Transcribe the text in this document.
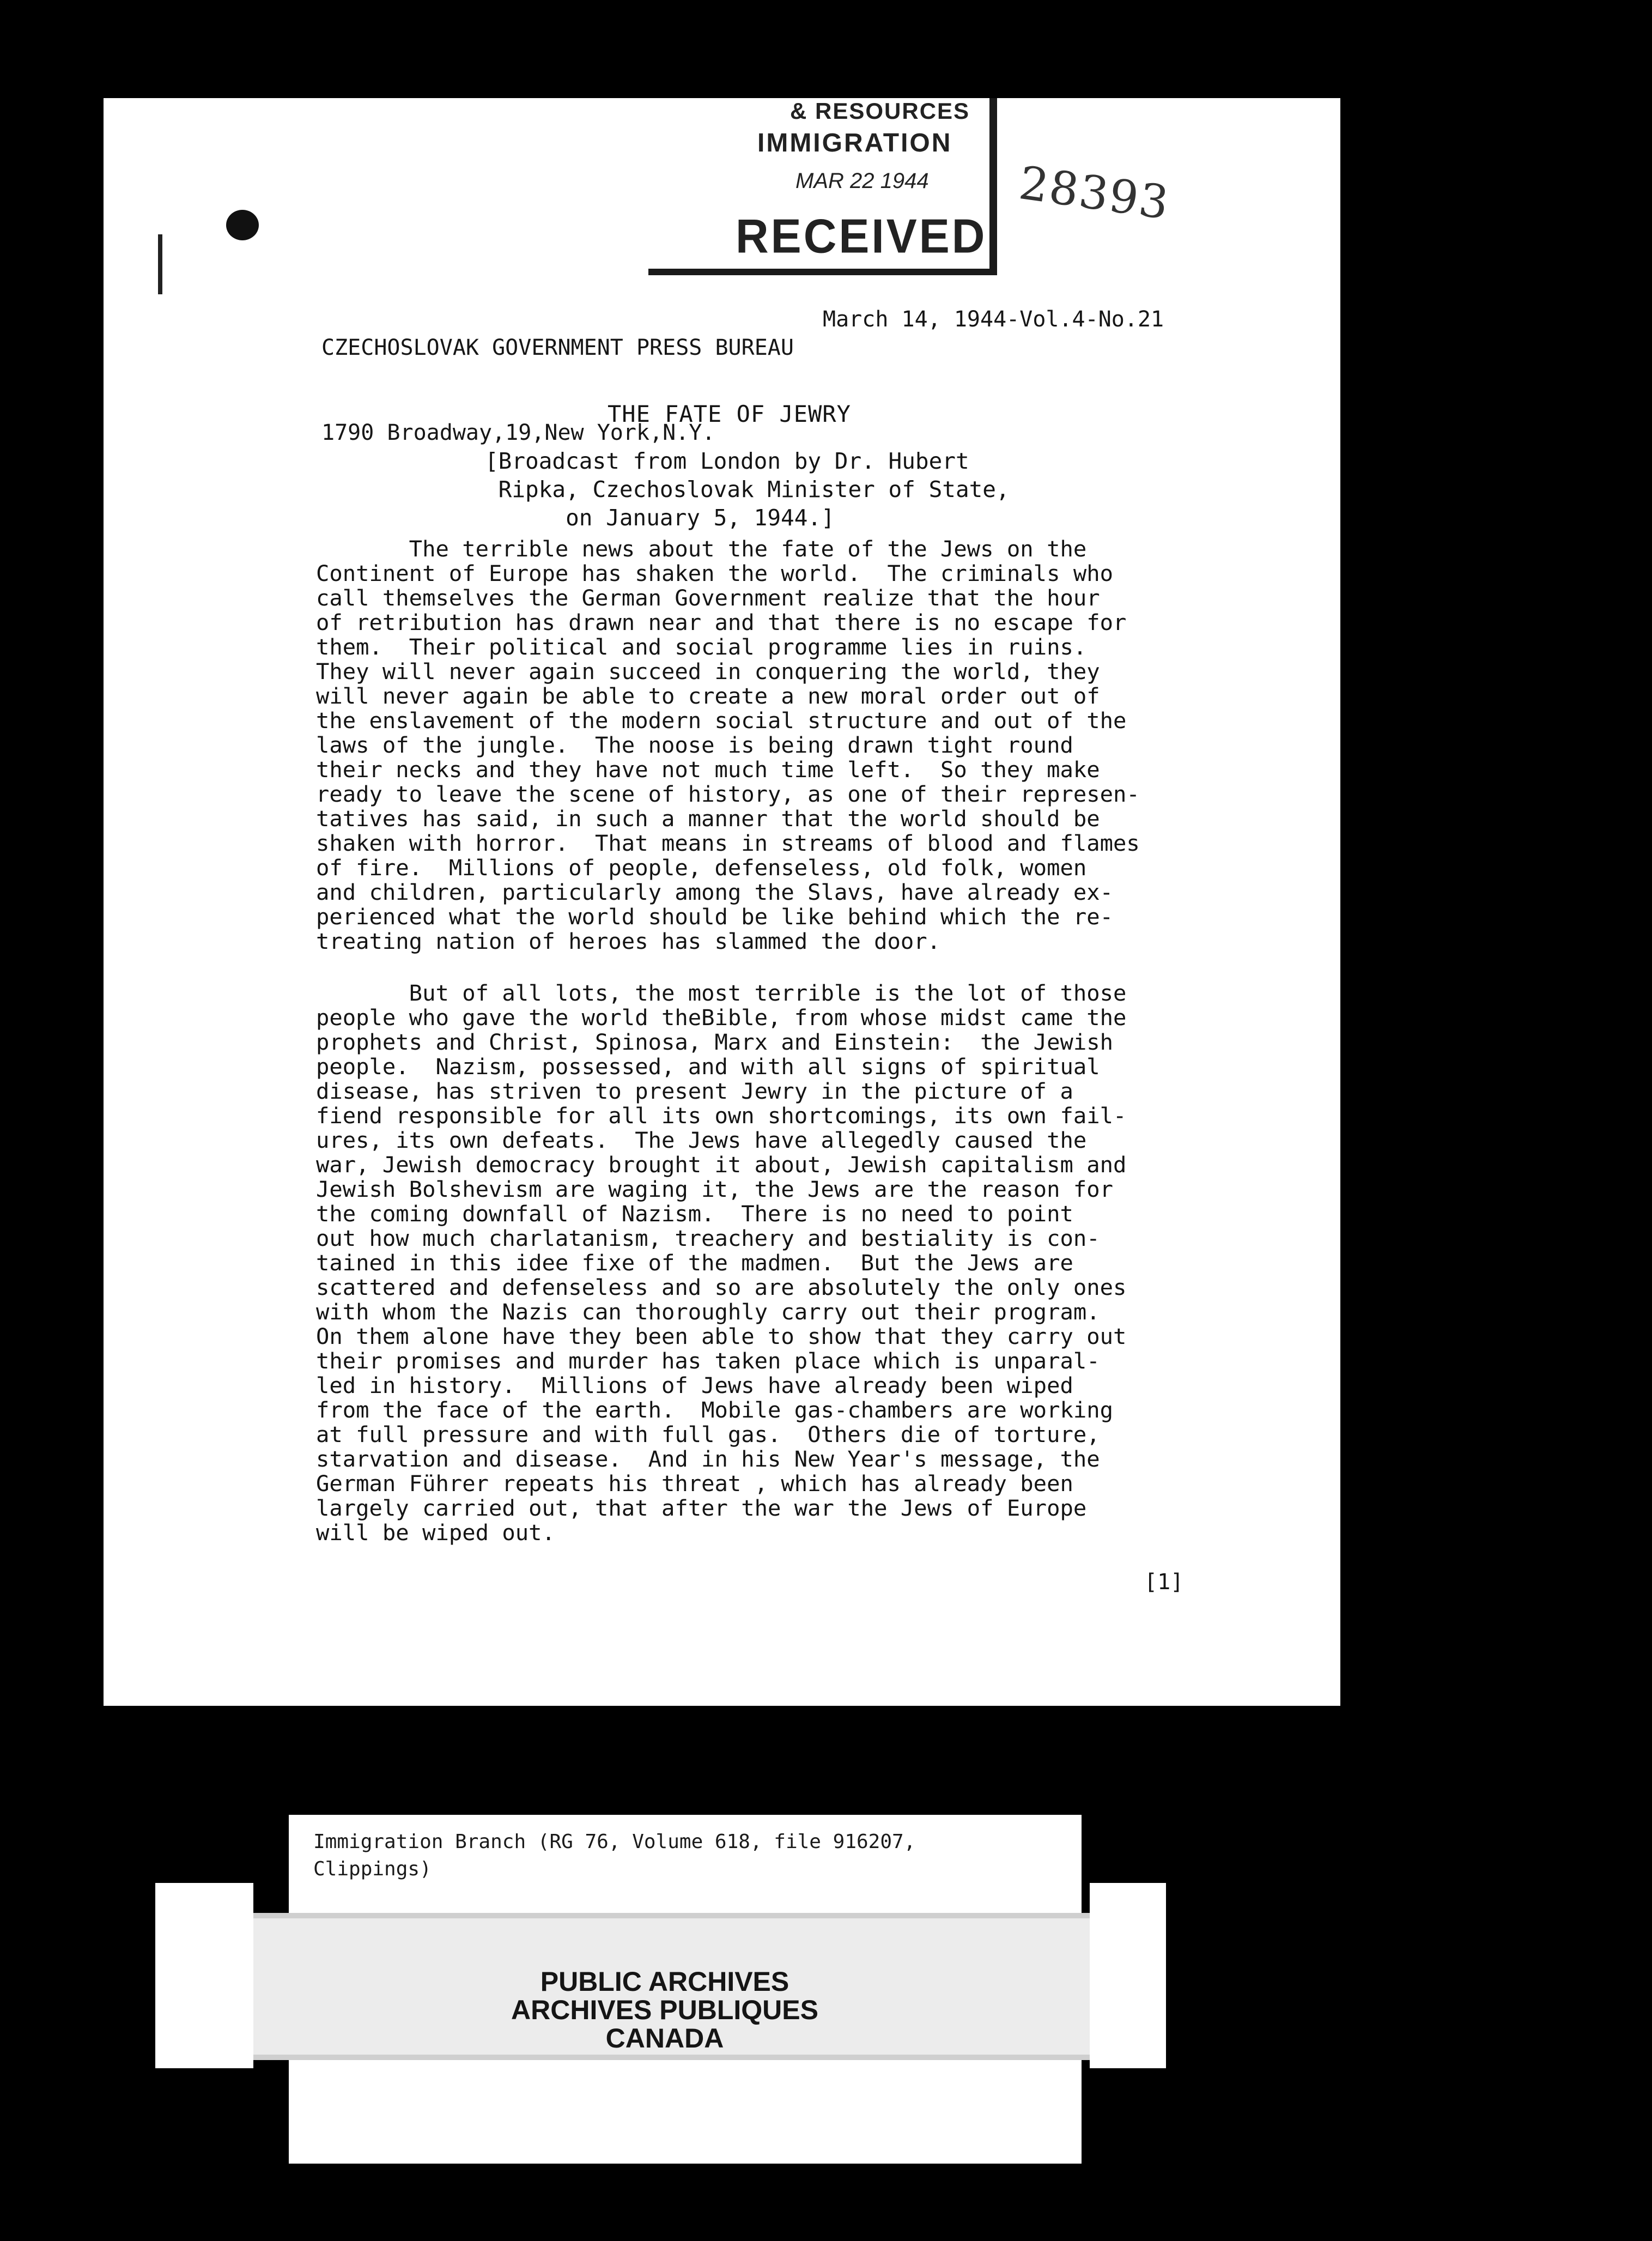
& RESOURCES
IMMIGRATION
MAR 22 1944
RECEIVED
28393

CZECHOSLOVAK GOVERNMENT PRESS BUREAU

1790 Broadway,19,New York,N.Y.

March 14, 1944-Vol.4-No.21

THE FATE OF JEWRY
[Broadcast from London by Dr. Hubert
Ripka, Czechoslovak Minister of State,
on January 5, 1944.]
The terrible news about the fate of the Jews on the
Continent of Europe has shaken the world.  The criminals who
call themselves the German Government realize that the hour
of retribution has drawn near and that there is no escape for
them.  Their political and social programme lies in ruins.
They will never again succeed in conquering the world, they
will never again be able to create a new moral order out of
the enslavement of the modern social structure and out of the
laws of the jungle.  The noose is being drawn tight round
their necks and they have not much time left.  So they make
ready to leave the scene of history, as one of their represen-
tatives has said, in such a manner that the world should be
shaken with horror.  That means in streams of blood and flames
of fire.  Millions of people, defenseless, old folk, women
and children, particularly among the Slavs, have already ex-
perienced what the world should be like behind which the re-
treating nation of heroes has slammed the door.
But of all lots, the most terrible is the lot of those
people who gave the world theBible, from whose midst came the
prophets and Christ, Spinosa, Marx and Einstein:  the Jewish
people.  Nazism, possessed, and with all signs of spiritual
disease, has striven to present Jewry in the picture of a
fiend responsible for all its own shortcomings, its own fail-
ures, its own defeats.  The Jews have allegedly caused the
war, Jewish democracy brought it about, Jewish capitalism and
Jewish Bolshevism are waging it, the Jews are the reason for
the coming downfall of Nazism.  There is no need to point
out how much charlatanism, treachery and bestiality is con-
tained in this idee fixe of the madmen.  But the Jews are
scattered and defenseless and so are absolutely the only ones
with whom the Nazis can thoroughly carry out their program.
On them alone have they been able to show that they carry out
their promises and murder has taken place which is unparal-
led in history.  Millions of Jews have already been wiped
from the face of the earth.  Mobile gas-chambers are working
at full pressure and with full gas.  Others die of torture,
starvation and disease.  And in his New Year's message, the
German Führer repeats his threat , which has already been
largely carried out, that after the war the Jews of Europe
will be wiped out.
[1]
Immigration Branch (RG 76, Volume 618, file 916207,
Clippings)
PUBLIC ARCHIVES
ARCHIVES PUBLIQUES
CANADA
